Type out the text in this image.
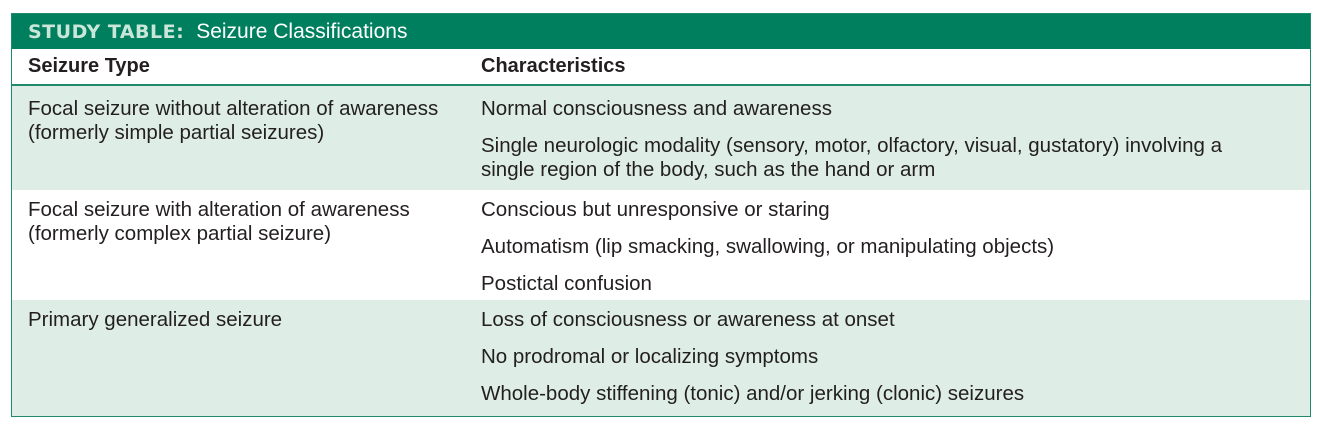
STUDY TABLE: Seizure Classifications
Seizure Type	Characteristics
Focal seizure without alteration of awareness
(formerly simple partial seizures)
Normal consciousness and awareness
Single neurologic modality (sensory, motor, olfactory, visual, gustatory) involving a single region of the body, such as the hand or arm
Focal seizure with alteration of awareness
(formerly complex partial seizure)
Conscious but unresponsive or staring
Automatism (lip smacking, swallowing, or manipulating objects)
Postictal confusion
Primary generalized seizure	Loss of consciousness or awareness at onset
No prodromal or localizing symptoms
Whole-body stiffening (tonic) and/or jerking (clonic) seizures
